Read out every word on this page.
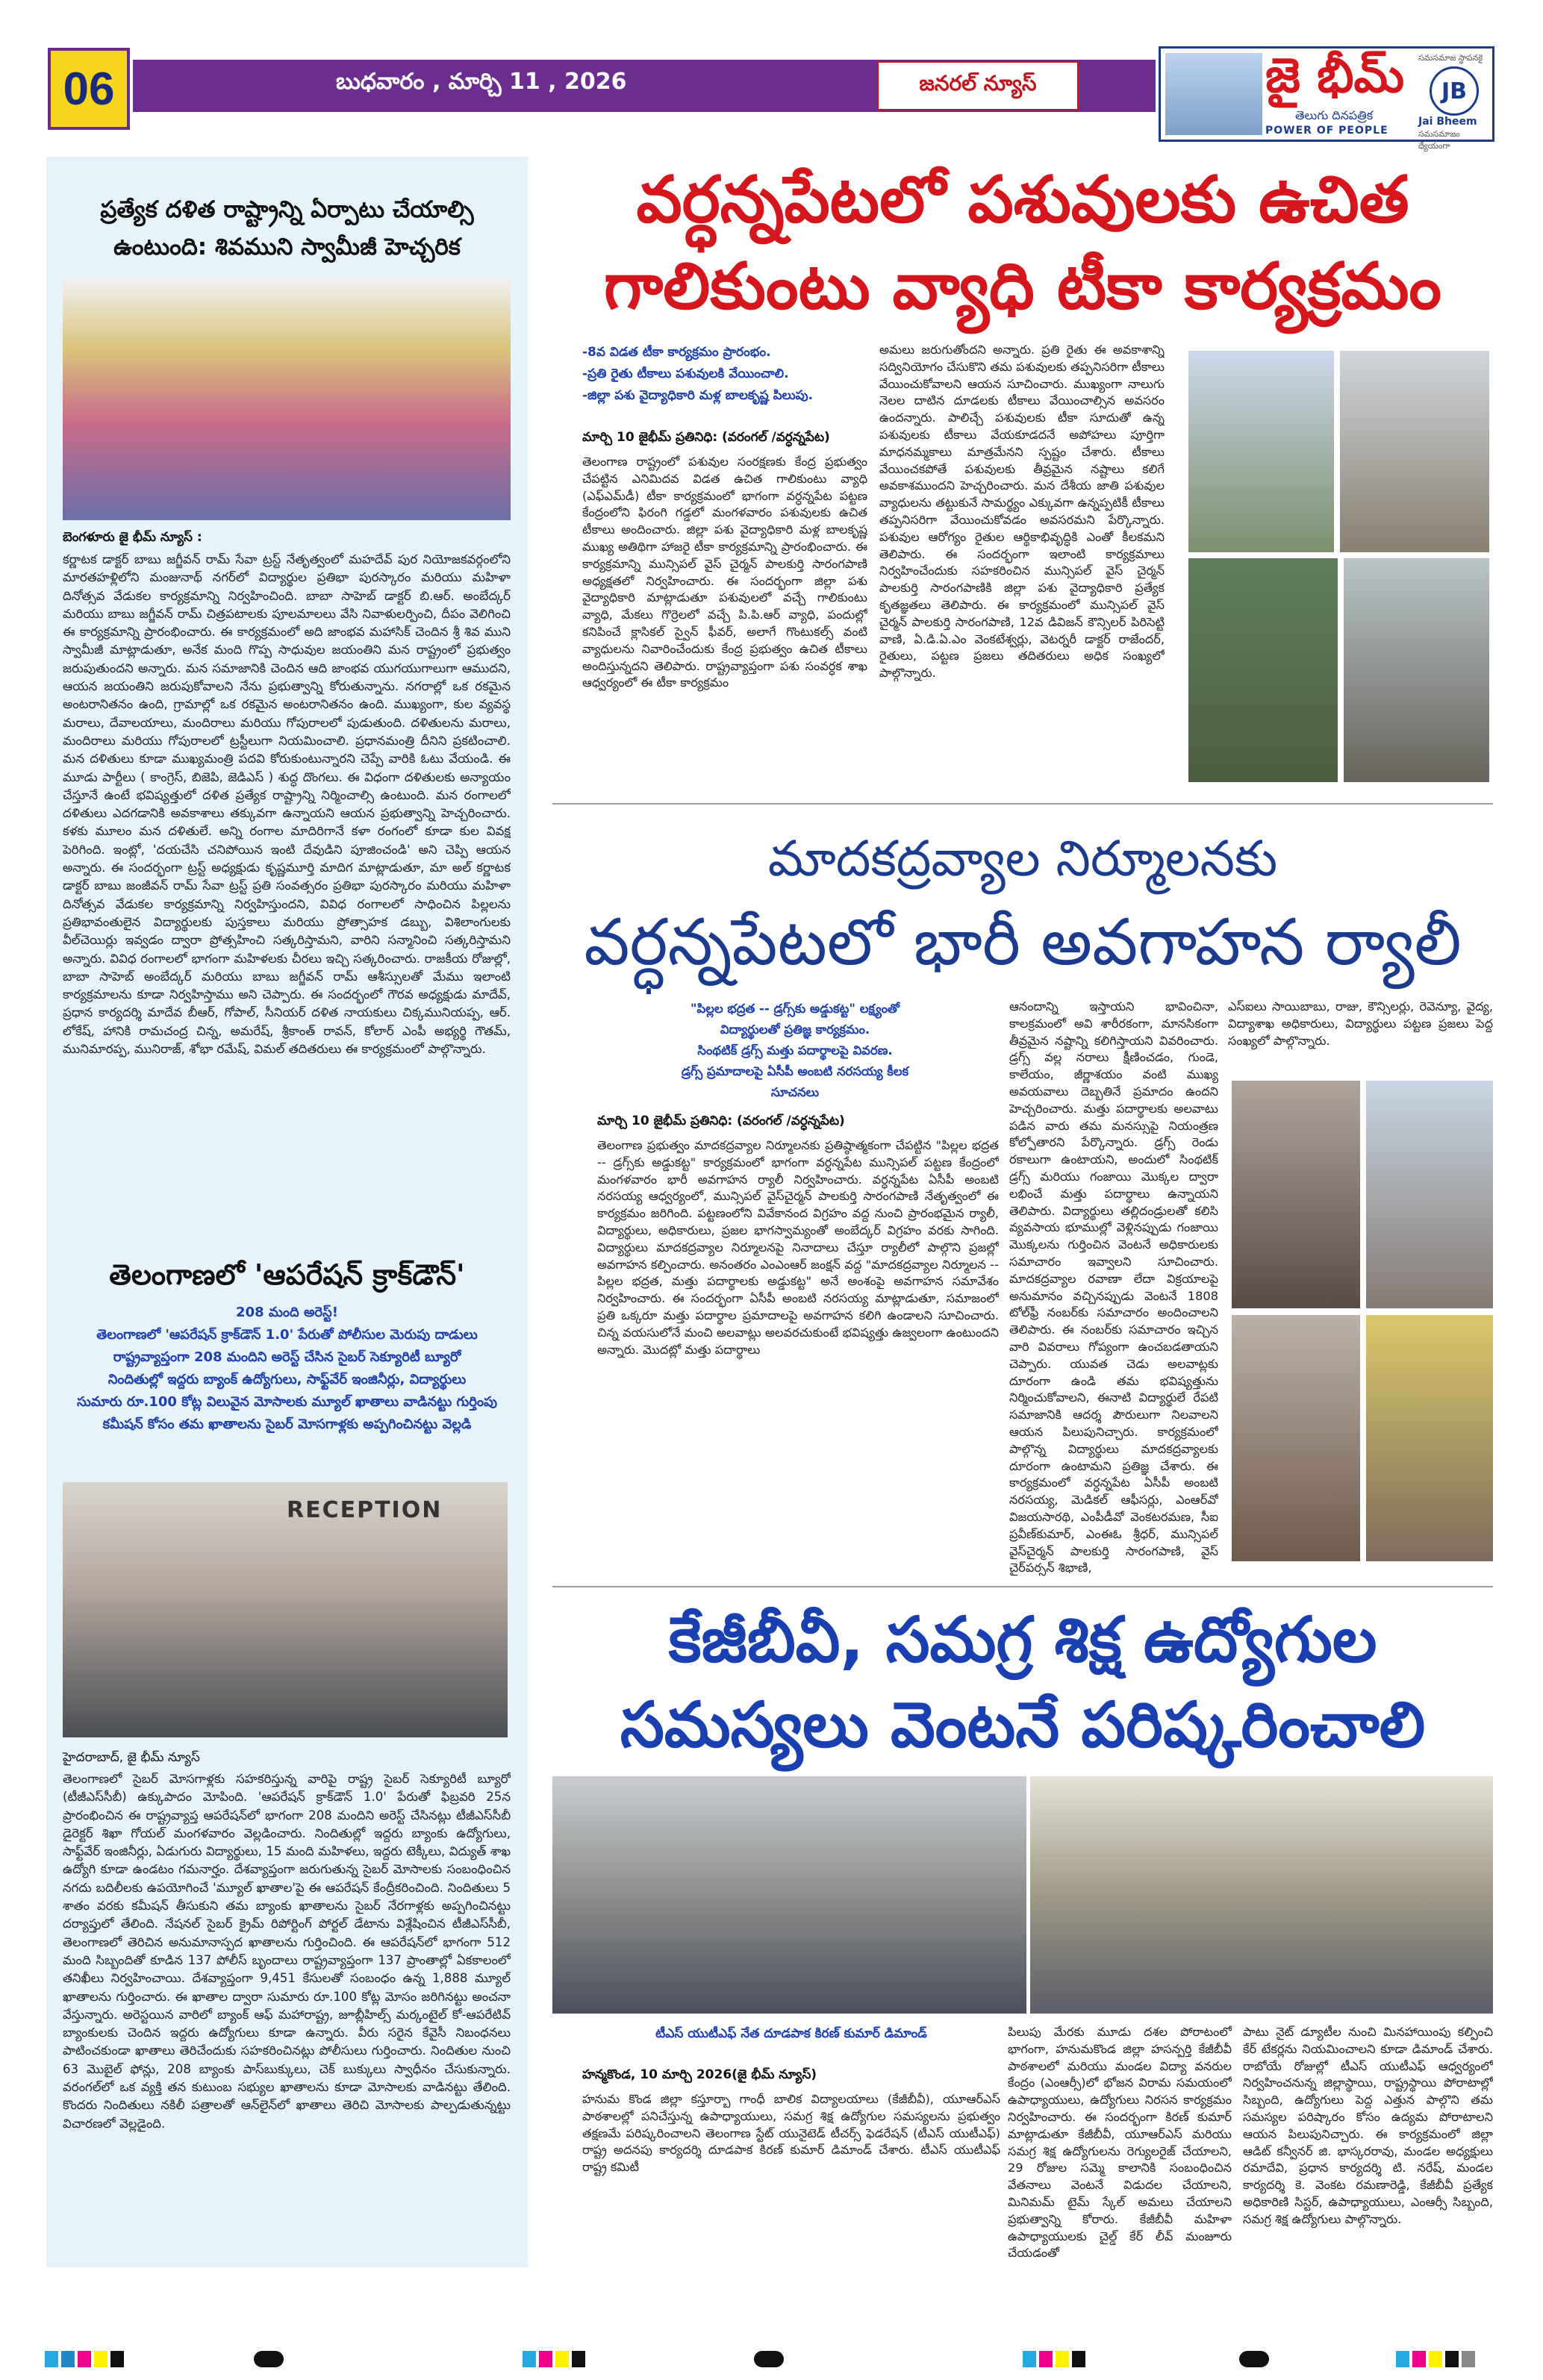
06	బుధవారం , మార్చి 11 , 2026	జనరల్ న్యూస్	జై భీమ్
తెలుగు దినపత్రిక
POWER OF PEOPLE
సమసమాజ స్థాపనకై
JB
Jai Bheem
సమసమాజం ధ్యేయంగా
ప్రత్యేక దళిత రాష్ట్రాన్ని ఏర్పాటు చేయాల్సి ఉంటుంది: శివముని స్వామీజీ హెచ్చరిక
బెంగళూరు జై భీమ్ న్యూస్ :
కర్ణాటక డాక్టర్ బాబు జగ్జీవన్ రామ్ సేవా ట్రస్ట్ నేతృత్వంలో మహదేవ్ పుర నియోజకవర్గంలోని మారతహళ్లిలోని మంజునాథ్ నగర్‌లో విద్యార్థుల ప్రతిభా పురస్కారం మరియు మహిళా దినోత్సవ వేడుకల కార్యక్రమాన్ని నిర్వహించింది. బాబా సాహెబ్ డాక్టర్ బి.ఆర్. అంబేద్కర్ మరియు బాబు జగ్జీవన్ రామ్ చిత్రపటాలకు పూలమాలలు వేసి నివాళులర్పించి, దీపం వెలిగించి ఈ కార్యక్రమాన్ని ప్రారంభించారు. ఈ కార్యక్రమంలో అది జాంభవ మహాసిక్ చెందిన శ్రీ శివ ముని స్వామీజీ మాట్లాడుతూ, అనేక మంది గొప్ప సాధువుల జయంతిని మన రాష్ట్రంలో ప్రభుత్వం జరుపుతుందని అన్నారు. మన సమాజానికి చెందిన ఆది జాంభవ యుగయుగాలుగా ఆముదని, ఆయన జయంతిని జరుపుకోవాలని నేను ప్రభుత్వాన్ని కోరుతున్నాను. నగరాల్లో ఒక రకమైన అంటరానితనం ఉంది, గ్రామాల్లో ఒక రకమైన అంటరానితనం ఉంది. ముఖ్యంగా, కుల వ్యవస్థ మరాలు, దేవాలయాలు, మందిరాలు మరియు గోపురాలలో పుడుతుంది. దళితులను మరాలు, మందిరాలు మరియు గోపురాలలో ట్రస్టీలుగా నియమించాలి. ప్రధానమంత్రి దీనిని ప్రకటించాలి. మన దళితులు కూడా ముఖ్యమంత్రి పదవి కోరుకుంటున్నారని చెప్పే వారికి ఓటు వేయండి. ఈ మూడు పార్టీలు ( కాంగ్రెస్, బిజెపి, జెడిఎస్ ) శుద్ధ దొంగలు. ఈ విధంగా దళితులకు అన్యాయం చేస్తూనే ఉంటే భవిష్యత్తులో దళిత ప్రత్యేక రాష్ట్రాన్ని నిర్మించాల్సి ఉంటుంది. మన రంగాలలో దళితులు ఎదగడానికి అవకాశాలు తక్కువగా ఉన్నాయని ఆయన ప్రభుత్వాన్ని హెచ్చరించారు. కళకు మూలం మన దళితులే. అన్ని రంగాల మాదిరిగానే కళా రంగంలో కూడా కుల వివక్ష పెరిగింది. ఇంట్లో, 'దయచేసి చనిపోయిన ఇంటి దేవుడిని పూజించండి' అని చెప్పి ఆయన అన్నారు. ఈ సందర్భంగా ట్రస్ట్ అధ్యక్షుడు కృష్ణమూర్తి మాదిగ మాట్లాడుతూ, మా అల్ కర్ణాటక డాక్టర్ బాబు జంజీవన్ రామ్ సేవా ట్రస్ట్ ప్రతి సంవత్సరం ప్రతిభా పురస్కారం మరియు మహిళా దినోత్సవ వేడుకల కార్యక్రమాన్ని నిర్వహిస్తుందని, వివిధ రంగాలలో సాధించిన పిల్లలను ప్రతిభావంతులైన విద్యార్థులకు పుస్తకాలు మరియు ప్రోత్సాహక డబ్బు, విశిలాంగులకు వీల్‌చెయిర్లు ఇవ్వడం ద్వారా ప్రోత్సహించి సత్కరిస్తామని, వారిని సన్మానించి సత్కరిస్తామని అన్నారు. వివిధ రంగాలలో భాగంగా మహిళలకు చీరలు ఇచ్చి సత్కరించారు. రాజకీయ రోజుల్లో, బాబా సాహెబ్ అంబేద్కర్ మరియు బాబు జగ్జీవన్ రామ్ ఆశీస్సులతో మేము ఇలాంటి కార్యక్రమాలను కూడా నిర్వహిస్తాము అని చెప్పారు. ఈ సందర్భంలో గౌరవ అధ్యక్షుడు మాదేవ్, ప్రధాన కార్యదర్శి మాదేవ బీఆర్, గోపాల్, సీనియర్ దళిత నాయకులు చిక్కమునియప్ప, ఆర్. లోకేష్, హానికి రామచంద్ర చిన్న, అమరేష్, శ్రీకాంత్ రావన్, కోలార్ ఎంపీ అభ్యర్థి గౌతమ్, మునిమారప్ప, మునిరాజ్, శోభా రమేష్, విమల్ తదితరులు ఈ కార్యక్రమంలో పాల్గొన్నారు.
తెలంగాణలో 'ఆపరేషన్ క్రాక్‌డౌన్'
208 మంది అరెస్ట్!
తెలంగాణలో 'ఆపరేషన్ క్రాక్‌డౌన్ 1.0' పేరుతో పోలీసుల మెరుపు దాడులు
రాష్ట్రవ్యాప్తంగా 208 మందిని అరెస్ట్ చేసిన సైబర్ సెక్యూరిటీ బ్యూరో
నిందితుల్లో ఇద్దరు బ్యాంక్ ఉద్యోగులు, సాఫ్ట్‌వేర్ ఇంజినీర్లు, విద్యార్థులు
సుమారు రూ.100 కోట్ల విలువైన మోసాలకు మ్యూల్ ఖాతాలు వాడినట్టు గుర్తింపు
కమీషన్ కోసం తమ ఖాతాలను సైబర్ మోసగాళ్లకు అప్పగించినట్టు వెల్లడి
RECEPTION
హైదరాబాద్, జై భీమ్ న్యూస్
తెలంగాణలో సైబర్ మోసగాళ్లకు సహకరిస్తున్న వారిపై రాష్ట్ర సైబర్ సెక్యూరిటీ బ్యూరో (టీజీఎస్‌సీబీ) ఉక్కుపాదం మోపింది. 'ఆపరేషన్ క్రాక్‌డౌన్ 1.0' పేరుతో ఫిబ్రవరి 25న ప్రారంభించిన ఈ రాష్ట్రవ్యాప్త ఆపరేషన్‌లో భాగంగా 208 మందిని అరెస్ట్ చేసినట్లు టీజీఎస్‌సీబీ డైరెక్టర్ శిఖా గోయల్ మంగళవారం వెల్లడించారు. నిందితుల్లో ఇద్దరు బ్యాంకు ఉద్యోగులు, సాఫ్ట్‌వేర్ ఇంజినీర్లు, ఏడుగురు విద్యార్థులు, 15 మంది మహిళలు, ఇద్దరు టెక్కీలు, విద్యుత్ శాఖ ఉద్యోగి కూడా ఉండటం గమనార్హం. దేశవ్యాప్తంగా జరుగుతున్న సైబర్ మోసాలకు సంబంధించిన నగదు బదిలీలకు ఉపయోగించే 'మ్యూల్ ఖాతాల'పై ఈ ఆపరేషన్ కేంద్రీకరించింది. నిందితులు 5 శాతం వరకు కమీషన్ తీసుకుని తమ బ్యాంకు ఖాతాలను సైబర్ నేరగాళ్లకు అప్పగించినట్టు దర్యాప్తులో తేలింది. నేషనల్ సైబర్ క్రైమ్ రిపోర్టింగ్ పోర్టల్ డేటాను విశ్లేషించిన టీజీఎస్‌సీబీ, తెలంగాణలో తెరిచిన అనుమానాస్పద ఖాతాలను గుర్తించింది. ఈ ఆపరేషన్‌లో భాగంగా 512 మంది సిబ్బందితో కూడిన 137 పోలీస్ బృందాలు రాష్ట్రవ్యాప్తంగా 137 ప్రాంతాల్లో ఏకకాలంలో తనిఖీలు నిర్వహించాయి. దేశవ్యాప్తంగా 9,451 కేసులతో సంబంధం ఉన్న 1,888 మ్యూల్ ఖాతాలను గుర్తించారు. ఈ ఖాతాల ద్వారా సుమారు రూ.100 కోట్ల మోసం జరిగినట్టు అంచనా వేస్తున్నారు. అరెస్టయిన వారిలో బ్యాంక్ ఆఫ్ మహారాష్ట్ర, జూబ్లీహిల్స్ మర్కంటైల్ కో-ఆపరేటివ్ బ్యాంకులకు చెందిన ఇద్దరు ఉద్యోగులు కూడా ఉన్నారు. వీరు సరైన కేవైసీ నిబంధనలు పాటించకుండా ఖాతాలు తెరిచేందుకు సహకరించినట్లు పోలీసులు గుర్తించారు. నిందితుల నుంచి 63 మొబైల్ ఫోన్లు, 208 బ్యాంకు పాస్‌బుక్కులు, చెక్ బుక్కులు స్వాధీనం చేసుకున్నారు. వరంగల్‌లో ఒక వ్యక్తి తన కుటుంబ సభ్యుల ఖాతాలను కూడా మోసాలకు వాడినట్టు తేలింది. కొందరు నిందితులు నకిలీ పత్రాలతో ఆన్‌లైన్‌లో ఖాతాలు తెరిచి మోసాలకు పాల్పడుతున్నట్టు విచారణలో వెల్లడైంది.
వర్ధన్నపేటలో పశువులకు ఉచిత
గాలికుంటు వ్యాధి టీకా కార్యక్రమం
-8వ విడత టీకా కార్యక్రమం ప్రారంభం.
-ప్రతి రైతు టీకాలు పశువులకి వేయించాలి.
-జిల్లా పశు వైద్యాధికారి మళ్ల బాలకృష్ణ పిలుపు.
మార్చి 10 జైభీమ్ ప్రతినిధి: (వరంగల్ /వర్ధన్నపేట)
తెలంగాణ రాష్ట్రంలో పశువుల సంరక్షణకు కేంద్ర ప్రభుత్వం చేపట్టిన ఎనిమిదవ విడత ఉచిత గాలికుంటు వ్యాధి (ఎఫ్ఎమ్‌డీ) టీకా కార్యక్రమంలో భాగంగా వర్ధన్నపేట పట్టణ కేంద్రంలోని ఫిరంగి గడ్డలో మంగళవారం పశువులకు ఉచిత టీకాలు అందించారు. జిల్లా పశు వైద్యాధికారి మళ్ల బాలకృష్ణ ముఖ్య అతిథిగా హాజరై టీకా కార్యక్రమాన్ని ప్రారంభించారు. ఈ కార్యక్రమాన్ని మున్సిపల్ వైస్ చైర్మన్ పాలకుర్తి సారంగపాణి అధ్యక్షతలో నిర్వహించారు. ఈ సందర్భంగా జిల్లా పశు వైద్యాధికారి మాట్లాడుతూ పశువులలో వచ్చే గాలికుంటు వ్యాధి, మేకలు గొర్రెలలో వచ్చే పి.పి.ఆర్ వ్యాధి, పందుల్లో కనిపించే క్లాసికల్ స్వైన్ ఫీవర్, అలాగే గొంటుకల్స్ వంటి వ్యాధులను నివారించేందుకు కేంద్ర ప్రభుత్వం ఉచిత టీకాలు అందిస్తున్నదని తెలిపారు. రాష్ట్రవ్యాప్తంగా పశు సంవర్ధక శాఖ ఆధ్వర్యంలో ఈ టీకా కార్యక్రమం
అమలు జరుగుతోందని అన్నారు. ప్రతి రైతు ఈ అవకాశాన్ని సద్వినియోగం చేసుకొని తమ పశువులకు తప్పనిసరిగా టీకాలు వేయించుకోవాలని ఆయన సూచించారు. ముఖ్యంగా నాలుగు నెలల దాటిన దూడలకు టీకాలు వేయించాల్సిన అవసరం ఉందన్నారు. పాలిచ్చే పశువులకు టీకా సూదుతో ఉన్న పశువులకు టీకాలు వేయకూడదనే అపోహలు పూర్తిగా మాధనమ్మకాలు మాత్రమేనని స్పష్టం చేశారు. టీకాలు వేయించకపోతే పశువులకు తీవ్రమైన నష్టాలు కలిగే అవకాశముందని హెచ్చరించారు. మన దేశీయ జాతి పశువుల వ్యాధులను తట్టుకునే సామర్థ్యం ఎక్కువగా ఉన్నప్పటికీ టీకాలు తప్పనిసరిగా వేయించుకోవడం అవసరమని పేర్కొన్నారు. పశువుల ఆరోగ్యం రైతుల ఆర్థికాభివృద్ధికి ఎంతో కీలకమని తెలిపారు. ఈ సందర్భంగా ఇలాంటి కార్యక్రమాలు నిర్వహించేందుకు సహకరించిన మున్సిపల్ వైస్ చైర్మన్ పాలకుర్తి సారంగపాణికి జిల్లా పశు వైద్యాధికారి ప్రత్యేక కృతజ్ఞతలు తెలిపారు. ఈ కార్యక్రమంలో మున్సిపల్ వైస్ చైర్మన్ పాలకుర్తి సారంగపాణి, 12వ డివిజన్ కౌన్సిలర్ పిరిసెట్టి వాణి, ఏ.డి.ఏ.ఎం వెంకటేశ్వర్లు, వెటర్నరీ డాక్టర్ రాజేందర్, రైతులు, పట్టణ ప్రజలు తదితరులు అధిక సంఖ్యలో పాల్గొన్నారు.
మాదకద్రవ్యాల నిర్మూలనకు
వర్ధన్నపేటలో భారీ అవగాహన ర్యాలీ
"పిల్లల భద్రత -- డ్రగ్స్‌కు అడ్డుకట్ట" లక్ష్యంతో
విద్యార్థులతో ప్రతిజ్ఞ కార్యక్రమం.
సింథటిక్ డ్రగ్స్ మత్తు పదార్థాలపై వివరణ.
డ్రగ్స్ ప్రమాదాలపై ఏసీపీ అంబటి నరసయ్య కీలక
సూచనలు
మార్చి 10 జైభీమ్ ప్రతినిధి: (వరంగల్ /వర్ధన్నపేట)
తెలంగాణ ప్రభుత్వం మాదకద్రవ్యాల నిర్మూలనకు ప్రతిష్ఠాత్మకంగా చేపట్టిన "పిల్లల భద్రత -- డ్రగ్స్‌కు అడ్డుకట్ట" కార్యక్రమంలో భాగంగా వర్ధన్నపేట మున్సిపల్ పట్టణ కేంద్రంలో మంగళవారం భారీ అవగాహన ర్యాలీ నిర్వహించారు. వర్ధన్నపేట ఏసీపీ అంబటి నరసయ్య ఆధ్వర్యంలో, మున్సిపల్ వైస్‌చైర్మన్ పాలకుర్తి సారంగపాణి నేతృత్వంలో ఈ కార్యక్రమం జరిగింది. పట్టణంలోని వివేకానంద విగ్రహం వద్ద నుంచి ప్రారంభమైన ర్యాలీ, విద్యార్థులు, అధికారులు, ప్రజల భాగస్వామ్యంతో అంబేద్కర్ విగ్రహం వరకు సాగింది. విద్యార్థులు మాదకద్రవ్యాల నిర్మూలనపై నినాదాలు చేస్తూ ర్యాలీలో పాల్గొని ప్రజల్లో అవగాహన కల్పించారు. అనంతరం ఎంఎంఆర్ జంక్షన్ వద్ద "మాదకద్రవ్యాల నిర్మూలన -- పిల్లల భద్రత, మత్తు పదార్థాలకు అడ్డుకట్ట" అనే అంశంపై అవగాహన సమావేశం నిర్వహించారు. ఈ సందర్భంగా ఏసీపీ అంబటి నరసయ్య మాట్లాడుతూ, సమాజంలో ప్రతి ఒక్కరూ మత్తు పదార్థాల ప్రమాదాలపై అవగాహన కలిగి ఉండాలని సూచించారు. చిన్న వయసులోనే మంచి అలవాట్లు అలవరచుకుంటే భవిష్యత్తు ఉజ్వలంగా ఉంటుందని అన్నారు. మొదట్లో మత్తు పదార్థాలు
ఆనందాన్ని ఇస్తాయని భావించినా, కాలక్రమంలో అవి శారీరకంగా, మానసికంగా తీవ్రమైన నష్టాన్ని కలిగిస్తాయని వివరించారు. డ్రగ్స్ వల్ల నరాలు క్షీణించడం, గుండె, కాలేయం, జీర్ణాశయం వంటి ముఖ్య అవయవాలు దెబ్బతినే ప్రమాదం ఉందని హెచ్చరించారు. మత్తు పదార్థాలకు అలవాటు పడిన వారు తమ మనస్సుపై నియంత్రణ కోల్పోతారని పేర్కొన్నారు. డ్రగ్స్ రెండు రకాలుగా ఉంటాయని, అందులో సింథటిక్ డ్రగ్స్ మరియు గంజాయి మొక్కల ద్వారా లభించే మత్తు పదార్థాలు ఉన్నాయని తెలిపారు. విద్యార్థులు తల్లిదండ్రులతో కలిసి వ్యవసాయ భూముల్లో వెళ్లినప్పుడు గంజాయి మొక్కలను గుర్తించిన వెంటనే అధికారులకు సమాచారం ఇవ్వాలని సూచించారు. మాదకద్రవ్యాల రవాణా లేదా విక్రయాలపై అనుమానం వచ్చినప్పుడు వెంటనే 1808 టోల్‌ఫ్రీ నంబర్‌కు సమాచారం అందించాలని తెలిపారు. ఈ నంబర్‌కు సమాచారం ఇచ్చిన వారి వివరాలు గోప్యంగా ఉంచబడతాయని చెప్పారు. యువత చెడు అలవాట్లకు దూరంగా ఉండి తమ భవిష్యత్తును నిర్మించుకోవాలని, ఈనాటి విద్యార్థులే రేపటి సమాజానికి ఆదర్శ పౌరులుగా నిలవాలని ఆయన పిలుపునిచ్చారు. కార్యక్రమంలో పాల్గొన్న విద్యార్థులు మాదకద్రవ్యాలకు దూరంగా ఉంటామని ప్రతిజ్ఞ చేశారు. ఈ కార్యక్రమంలో వర్ధన్నపేట ఏసీపీ అంబటి నరసయ్య, మెడికల్ ఆఫీసర్లు, ఎంఆర్‌వో విజయసారథి, ఎంపీడీవో వెంకటరమణ, సీఐ ప్రవీణ్‌కుమార్, ఎంఈఓ శ్రీధర్, మున్సిపల్ వైస్‌చైర్మన్ పాలకుర్తి సారంగపాణి, వైస్ చైర్‌పర్సన్ శిభాణి,
ఎస్ఐలు సాయిబాబు, రాజు, కౌన్సిలర్లు, రెవెన్యూ, వైద్య, విద్యాశాఖ అధికారులు, విద్యార్థులు పట్టణ ప్రజలు పెద్ద సంఖ్యలో పాల్గొన్నారు.
కేజీబీవీ, సమగ్ర శిక్ష ఉద్యోగుల
సమస్యలు వెంటనే పరిష్కరించాలి
టీఎస్ యుటీఎఫ్ నేత దూడపాక కిరణ్ కుమార్ డిమాండ్
హన్మకొండ, 10 మార్చి 2026(జై భీమ్ న్యూస్)
హనుమ కొండ జిల్లా కస్తూర్బా గాంధీ బాలిక విద్యాలయాలు (కేజీబీవీ), యూఆర్ఎస్ పాఠశాలల్లో పనిచేస్తున్న ఉపాధ్యాయులు, సమగ్ర శిక్ష ఉద్యోగుల సమస్యలను ప్రభుత్వం తక్షణమే పరిష్కరించాలని తెలంగాణ స్టేట్ యునైటెడ్ టీచర్స్ ఫెడరేషన్ (టీఎస్ యుటీఎఫ్) రాష్ట్ర అదనపు కార్యదర్శి దూడపాక కిరణ్ కుమార్ డిమాండ్ చేశారు. టీఎస్ యుటీఎఫ్ రాష్ట్ర కమిటీ
పిలుపు మేరకు మూడు దశల పోరాటంలో భాగంగా, హనుమకొండ జిల్లా హసన్పర్తి కేజీబీవీ పాఠశాలలో మరియు మండల విద్యా వనరుల కేంద్రం (ఎంఆర్సీ)లో భోజన విరామ సమయంలో ఉపాధ్యాయులు, ఉద్యోగులు నిరసన కార్యక్రమం నిర్వహించారు. ఈ సందర్భంగా కిరణ్ కుమార్ మాట్లాడుతూ కేజీబీవీ, యూఆర్ఎస్ మరియు సమగ్ర శిక్ష ఉద్యోగులను రెగ్యులరైజ్ చేయాలని, 29 రోజుల సమ్మె కాలానికి సంబంధించిన వేతనాలు వెంటనే విడుదల చేయాలని, మినిమమ్ టైమ్ స్కేల్ అమలు చేయాలని ప్రభుత్వాన్ని కోరారు. కేజీబీవీ మహిళా ఉపాధ్యాయులకు చైల్డ్ కేర్ లీవ్ మంజూరు చేయడంతో
పాటు నైట్ డ్యూటీల నుంచి మినహాయింపు కల్పించి కేర్ టేకర్లను నియమించాలని కూడా డిమాండ్ చేశారు. రాబోయే రోజుల్లో టీఎస్ యుటీఎఫ్ ఆధ్వర్యంలో నిర్వహించనున్న జిల్లాస్థాయి, రాష్ట్రస్థాయి పోరాటాల్లో సిబ్బంది, ఉద్యోగులు పెద్ద ఎత్తున పాల్గొని తమ సమస్యల పరిష్కారం కోసం ఉద్యమ పోరాటాలని ఆయన పిలుపునిచ్చారు. ఈ కార్యక్రమంలో జిల్లా ఆడిట్ కన్వీనర్ జి. భాస్కరరావు, మండల అధ్యక్షులు రమాదేవి, ప్రధాన కార్యదర్శి టి. నరేష్, మండల కార్యదర్శి కె. వెంకట రమణారెడ్డి, కేజీబీవీ ప్రత్యేక అధికారిణి సిస్టర్, ఉపాధ్యాయులు, ఎంఆర్సీ సిబ్బంది, సమగ్ర శిక్ష ఉద్యోగులు పాల్గొన్నారు.
